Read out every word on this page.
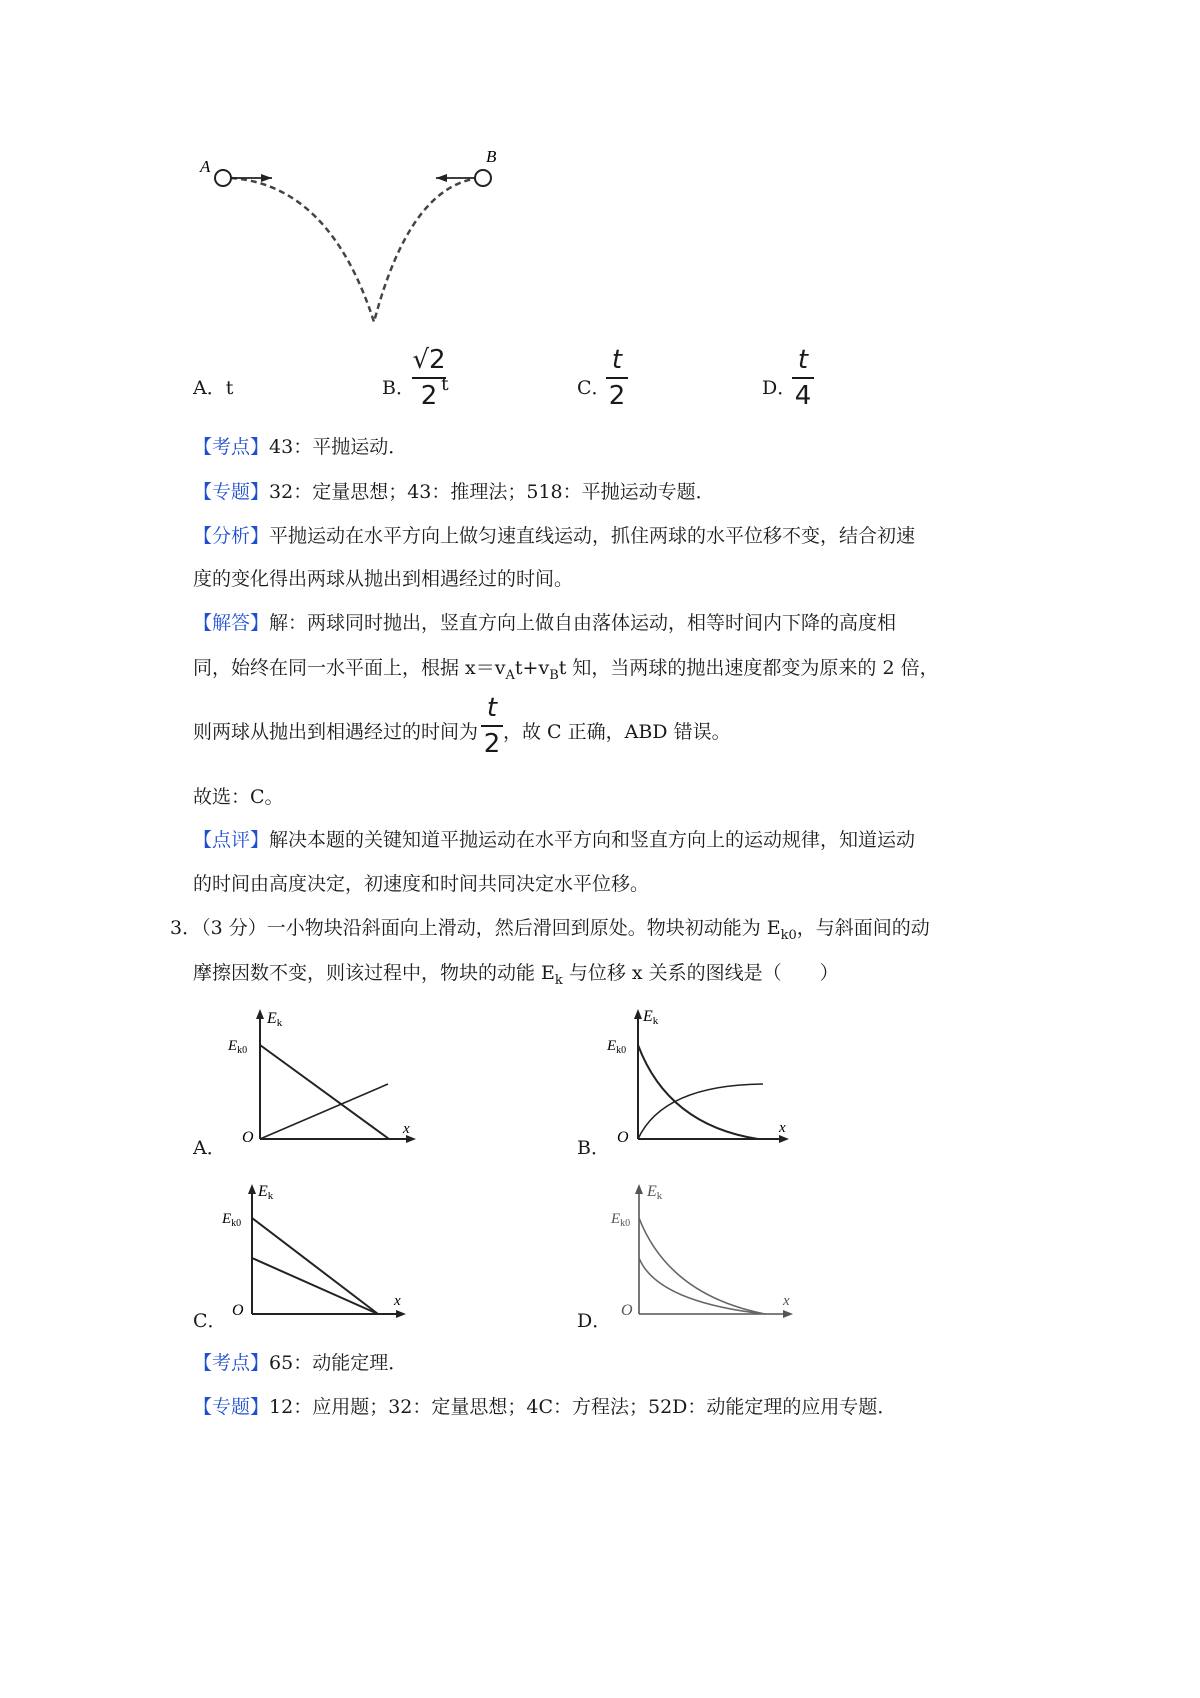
A
B
A．t	B．
√2
2 t	C．
t
2	D．
t
4
【考点】43：平抛运动．
【专题】32：定量思想；43：推理法；518：平抛运动专题．
【分析】平抛运动在水平方向上做匀速直线运动，抓住两球的水平位移不变，结合初速
度的变化得出两球从抛出到相遇经过的时间。
【解答】解：两球同时抛出，竖直方向上做自由落体运动，相等时间内下降的高度相
同，始终在同一水平面上，根据 $x=v_At+v_Bt$ 知，当两球的抛出速度都变为原来的 2 倍，
则两球从抛出到相遇经过的时间为
t
2 ，故 C 正确，ABD 错误。
故选：C。
【点评】解决本题的关键知道平抛运动在水平方向和竖直方向上的运动规律，知道运动
的时间由高度决定，初速度和时间共同决定水平位移。
3．（3 分）一小物块沿斜面向上滑动，然后滑回到原处。物块初动能为 $E_{k0}$，与斜面间的动
摩擦因数不变，则该过程中，物块的动能 $E_k$ 与位移 x 关系的图线是（　　）
Ek
$E_{k0}$
O	x
A．
Ek
$E_{k0}$
O
x
B．
Ek
$E_{k0}$
O
x
C．
Ek
$E_{k0}$
O
x
D．
【考点】65：动能定理．
【专题】12：应用题；32：定量思想；4C：方程法；52D：动能定理的应用专题．
